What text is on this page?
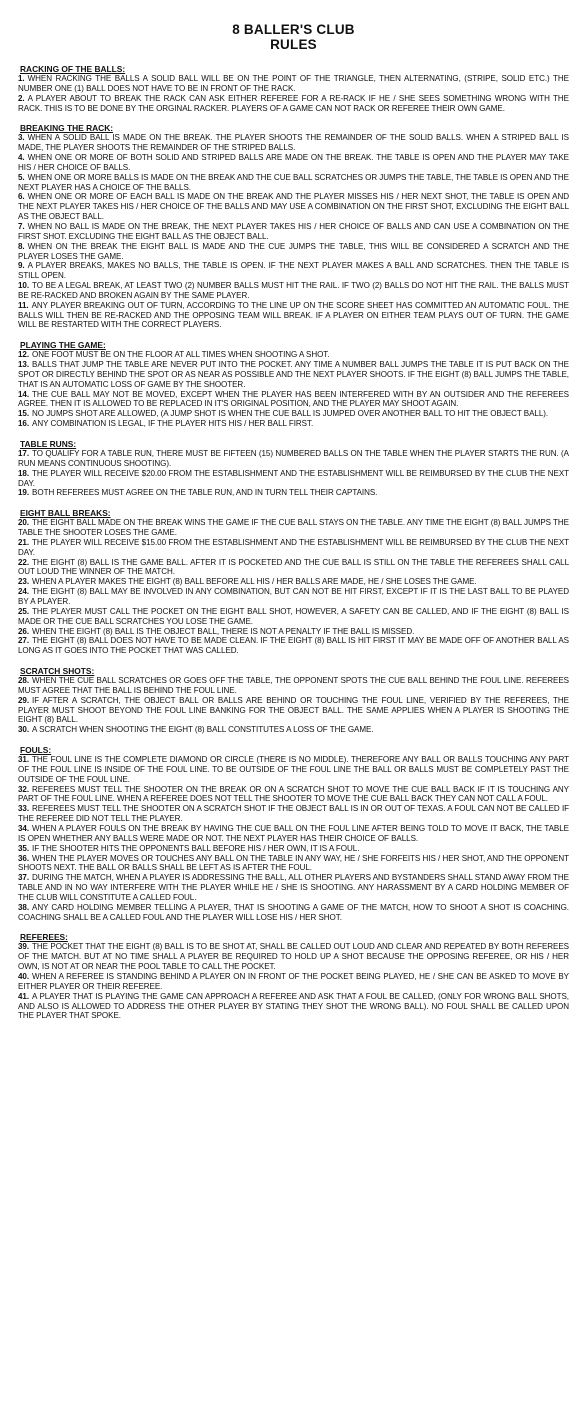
8 BALLER'S CLUB
RULES
RACKING OF THE BALLS:

1. WHEN RACKING THE BALLS A SOLID BALL WILL BE ON THE POINT OF THE TRIANGLE, THEN ALTERNATING, (STRIPE, SOLID ETC.) THE NUMBER ONE (1) BALL DOES NOT HAVE TO BE IN FRONT OF THE RACK.

2. A PLAYER ABOUT TO BREAK THE RACK CAN ASK EITHER REFEREE FOR A RE-RACK IF HE / SHE SEES SOMETHING WRONG WITH THE RACK. THIS IS TO BE DONE BY THE ORGINAL RACKER. PLAYERS OF A GAME CAN NOT RACK OR REFEREE THEIR OWN GAME.

BREAKING THE RACK:

3. WHEN A SOLID BALL IS MADE ON THE BREAK. THE PLAYER SHOOTS THE REMAINDER OF THE SOLID BALLS. WHEN A STRIPED BALL IS MADE, THE PLAYER SHOOTS THE REMAINDER OF THE STRIPED BALLS.

4. WHEN ONE OR MORE OF BOTH SOLID AND STRIPED BALLS ARE MADE ON THE BREAK. THE TABLE IS OPEN AND THE PLAYER MAY TAKE HIS / HER CHOICE OF BALLS.

5. WHEN ONE OR MORE BALLS IS MADE ON THE BREAK AND THE CUE BALL SCRATCHES OR JUMPS THE TABLE, THE TABLE IS OPEN AND THE NEXT PLAYER HAS A CHOICE OF THE BALLS.

6. WHEN ONE OR MORE OF EACH BALL IS MADE ON THE BREAK AND THE PLAYER MISSES HIS / HER NEXT SHOT, THE TABLE IS OPEN AND THE NEXT PLAYER TAKES HIS / HER CHOICE OF THE BALLS AND MAY USE A COMBINATION ON THE FIRST SHOT, EXCLUDING THE EIGHT BALL AS THE OBJECT BALL.

7. WHEN NO BALL IS MADE ON THE BREAK, THE NEXT PLAYER TAKES HIS / HER CHOICE OF BALLS AND CAN USE A COMBINATION ON THE FIRST SHOT. EXCLUDING THE EIGHT BALL AS THE OBJECT BALL.

8. WHEN ON THE BREAK THE EIGHT BALL IS MADE AND THE CUE JUMPS THE TABLE, THIS WILL BE CONSIDERED A SCRATCH AND THE PLAYER LOSES THE GAME.

9. A PLAYER BREAKS, MAKES NO BALLS, THE TABLE IS OPEN. IF THE NEXT PLAYER MAKES A BALL AND SCRATCHES. THEN THE TABLE IS STILL OPEN.

10. TO BE A LEGAL BREAK, AT LEAST TWO (2) NUMBER BALLS MUST HIT THE RAIL. IF TWO (2) BALLS DO NOT HIT THE RAIL. THE BALLS MUST BE RE-RACKED AND BROKEN AGAIN BY THE SAME PLAYER.

11. ANY PLAYER BREAKING OUT OF TURN, ACCORDING TO THE LINE UP ON THE SCORE SHEET HAS COMMITTED AN AUTOMATIC FOUL. THE BALLS WILL THEN BE RE-RACKED AND THE OPPOSING TEAM WILL BREAK. IF A PLAYER ON EITHER TEAM PLAYS OUT OF TURN. THE GAME WILL BE RESTARTED WITH THE CORRECT PLAYERS.

PLAYING THE GAME:

12. ONE FOOT MUST BE ON THE FLOOR AT ALL TIMES WHEN SHOOTING A SHOT.

13. BALLS THAT JUMP THE TABLE ARE NEVER PUT INTO THE POCKET. ANY TIME A NUMBER BALL JUMPS THE TABLE IT IS PUT BACK ON THE SPOT OR DIRECTLY BEHIND THE SPOT OR AS NEAR AS POSSIBLE AND THE NEXT PLAYER SHOOTS. IF THE EIGHT (8) BALL JUMPS THE TABLE, THAT IS AN AUTOMATIC LOSS OF GAME BY THE SHOOTER.

14. THE CUE BALL MAY NOT BE MOVED, EXCEPT WHEN THE PLAYER HAS BEEN INTERFERED WITH BY AN OUTSIDER AND THE REFEREES AGREE. THEN IT IS ALLOWED TO BE REPLACED IN IT'S ORIGINAL POSITION, AND THE PLAYER MAY SHOOT AGAIN.

15. NO JUMPS SHOT ARE ALLOWED, (A JUMP SHOT IS WHEN THE CUE BALL IS JUMPED OVER ANOTHER BALL TO HIT THE OBJECT BALL).

16. ANY COMBINATION IS LEGAL, IF THE PLAYER HITS HIS / HER BALL FIRST.

TABLE RUNS:

17. TO QUALIFY FOR A TABLE RUN, THERE MUST BE FIFTEEN (15) NUMBERED BALLS ON THE TABLE WHEN THE PLAYER STARTS THE RUN. (A RUN MEANS CONTINUOUS SHOOTING).

18. THE PLAYER WILL RECEIVE $20.00 FROM THE ESTABLISHMENT AND THE ESTABLISHMENT WILL BE REIMBURSED BY THE CLUB THE NEXT DAY.

19. BOTH REFEREES MUST AGREE ON THE TABLE RUN, AND IN TURN TELL THEIR CAPTAINS.

EIGHT BALL BREAKS:

20. THE EIGHT BALL MADE ON THE BREAK WINS THE GAME IF THE CUE BALL STAYS ON THE TABLE. ANY TIME THE EIGHT (8) BALL JUMPS THE TABLE THE SHOOTER LOSES THE GAME.

21. THE PLAYER WILL RECEIVE $15.00 FROM THE ESTABLISHMENT AND THE ESTABLISHMENT WILL BE REIMBURSED BY THE CLUB THE NEXT DAY.

22. THE EIGHT (8) BALL IS THE GAME BALL. AFTER IT IS POCKETED AND THE CUE BALL IS STILL ON THE TABLE THE REFEREES SHALL CALL OUT LOUD THE WINNER OF THE MATCH.

23. WHEN A PLAYER MAKES THE EIGHT (8) BALL BEFORE ALL HIS / HER BALLS ARE MADE, HE / SHE LOSES THE GAME.

24. THE EIGHT (8) BALL MAY BE INVOLVED IN ANY COMBINATION, BUT CAN NOT BE HIT FIRST, EXCEPT IF IT IS THE LAST BALL TO BE PLAYED BY A PLAYER.

25. THE PLAYER MUST CALL THE POCKET ON THE EIGHT BALL SHOT, HOWEVER, A SAFETY CAN BE CALLED, AND IF THE EIGHT (8) BALL IS MADE OR THE CUE BALL SCRATCHES YOU LOSE THE GAME.

26. WHEN THE EIGHT (8) BALL IS THE OBJECT BALL, THERE IS NOT A PENALTY IF THE BALL IS MISSED.

27. THE EIGHT (8) BALL DOES NOT HAVE TO BE MADE CLEAN. IF THE EIGHT (8) BALL IS HIT FIRST IT MAY BE MADE OFF OF ANOTHER BALL AS LONG AS IT GOES INTO THE POCKET THAT WAS CALLED.

SCRATCH SHOTS:

28. WHEN THE CUE BALL SCRATCHES OR GOES OFF THE TABLE, THE OPPONENT SPOTS THE CUE BALL BEHIND THE FOUL LINE. REFEREES MUST AGREE THAT THE BALL IS BEHIND THE FOUL LINE.

29. IF AFTER A SCRATCH, THE OBJECT BALL OR BALLS ARE BEHIND OR TOUCHING THE FOUL LINE, VERIFIED BY THE REFEREES, THE PLAYER MUST SHOOT BEYOND THE FOUL LINE BANKING FOR THE OBJECT BALL. THE SAME APPLIES WHEN A PLAYER IS SHOOTING THE EIGHT (8) BALL.

30. A SCRATCH WHEN SHOOTING THE EIGHT (8) BALL CONSTITUTES A LOSS OF THE GAME.

FOULS:

31. THE FOUL LINE IS THE COMPLETE DIAMOND OR CIRCLE (THERE IS NO MIDDLE). THEREFORE ANY BALL OR BALLS TOUCHING ANY PART OF THE FOUL LINE IS INSIDE OF THE FOUL LINE. TO BE OUTSIDE OF THE FOUL LINE THE BALL OR BALLS MUST BE COMPLETELY PAST THE OUTSIDE OF THE FOUL LINE.

32. REFEREES MUST TELL THE SHOOTER ON THE BREAK OR ON A SCRATCH SHOT TO MOVE THE CUE BALL BACK IF IT IS TOUCHING ANY PART OF THE FOUL LINE. WHEN A REFEREE DOES NOT TELL THE SHOOTER TO MOVE THE CUE BALL BACK THEY CAN NOT CALL A FOUL.

33. REFEREES MUST TELL THE SHOOTER ON A SCRATCH SHOT IF THE OBJECT BALL IS IN OR OUT OF TEXAS. A FOUL CAN NOT BE CALLED IF THE REFEREE DID NOT TELL THE PLAYER.

34. WHEN A PLAYER FOULS ON THE BREAK BY HAVING THE CUE BALL ON THE FOUL LINE AFTER BEING TOLD TO MOVE IT BACK, THE TABLE IS OPEN WHETHER ANY BALLS WERE MADE OR NOT. THE NEXT PLAYER HAS THEIR CHOICE OF BALLS.

35. IF THE SHOOTER HITS THE OPPONENTS BALL BEFORE HIS / HER OWN, IT IS A FOUL.

36. WHEN THE PLAYER MOVES OR TOUCHES ANY BALL ON THE TABLE IN ANY WAY, HE / SHE FORFEITS HIS / HER SHOT, AND THE OPPONENT SHOOTS NEXT. THE BALL OR BALLS SHALL BE LEFT AS IS AFTER THE FOUL.

37. DURING THE MATCH, WHEN A PLAYER IS ADDRESSING THE BALL, ALL OTHER PLAYERS AND BYSTANDERS SHALL STAND AWAY FROM THE TABLE AND IN NO WAY INTERFERE WITH THE PLAYER WHILE HE / SHE IS SHOOTING. ANY HARASSMENT BY A CARD HOLDING MEMBER OF THE CLUB WILL CONSTITUTE A CALLED FOUL.

38. ANY CARD HOLDING MEMBER TELLING A PLAYER, THAT IS SHOOTING A GAME OF THE MATCH, HOW TO SHOOT A SHOT IS COACHING. COACHING SHALL BE A CALLED FOUL AND THE PLAYER WILL LOSE HIS / HER SHOT.

REFEREES:

39. THE POCKET THAT THE EIGHT (8) BALL IS TO BE SHOT AT, SHALL BE CALLED OUT LOUD AND CLEAR AND REPEATED BY BOTH REFEREES OF THE MATCH. BUT AT NO TIME SHALL A PLAYER BE REQUIRED TO HOLD UP A SHOT BECAUSE THE OPPOSING REFEREE, OR HIS / HER OWN, IS NOT AT OR NEAR THE POOL TABLE TO CALL THE POCKET.

40. WHEN A REFEREE IS STANDING BEHIND A PLAYER ON IN FRONT OF THE POCKET BEING PLAYED, HE / SHE CAN BE ASKED TO MOVE BY EITHER PLAYER OR THEIR REFEREE.

41. A PLAYER THAT IS PLAYING THE GAME CAN APPROACH A REFEREE AND ASK THAT A FOUL BE CALLED, (ONLY FOR WRONG BALL SHOTS, AND ALSO IS ALLOWED TO ADDRESS THE OTHER PLAYER BY STATING THEY SHOT THE WRONG BALL). NO FOUL SHALL BE CALLED UPON THE PLAYER THAT SPOKE.
